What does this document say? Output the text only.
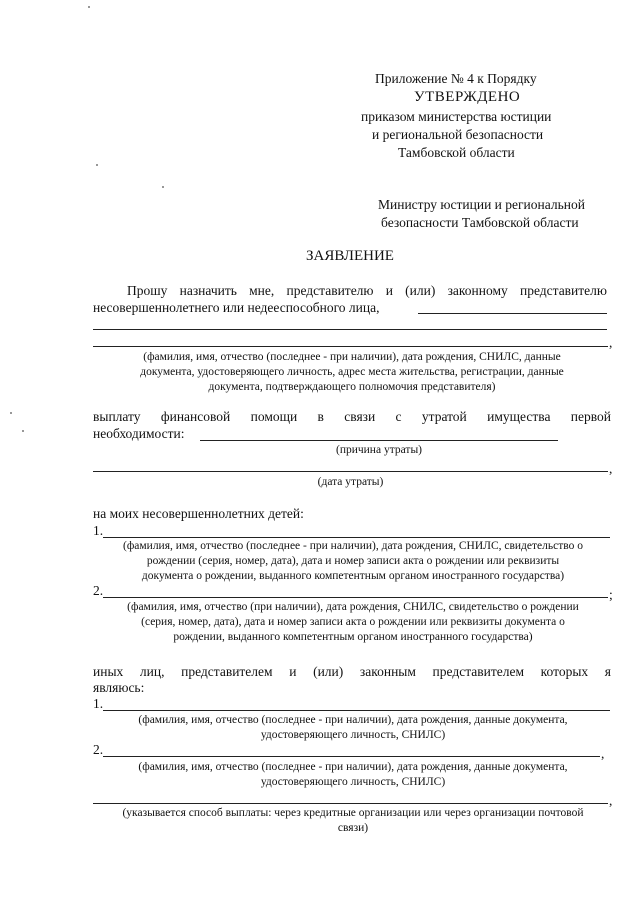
Приложение № 4 к Порядку
УТВЕРЖДЕНО
приказом министерства юстиции
и региональной безопасности
Тамбовской области
Министру юстиции и региональной
безопасности Тамбовской области
ЗАЯВЛЕНИЕ
Прошу назначить мне, представителю и (или) законному представителю
несовершеннолетнего или недееспособного лица,
,
(фамилия, имя, отчество (последнее - при наличии), дата рождения, СНИЛС, данные
документа, удостоверяющего личность, адрес места жительства, регистрации, данные
документа, подтверждающего полномочия представителя)
выплату финансовой помощи в связи с утратой имущества первой
необходимости:
(причина утраты)
,
(дата утраты)
на моих несовершеннолетних детей:
1.
(фамилия, имя, отчество (последнее - при наличии), дата рождения, СНИЛС, свидетельство о
рождении (серия, номер, дата), дата и номер записи акта о рождении или реквизиты
документа о рождении, выданного компетентным органом иностранного государства)
2.	;
(фамилия, имя, отчество (при наличии), дата рождения, СНИЛС, свидетельство о рождении
(серия, номер, дата), дата и номер записи акта о рождении или реквизиты документа о
рождении, выданного компетентным органом иностранного государства)
иных лиц, представителем и (или) законным представителем которых я
являюсь:
1.
(фамилия, имя, отчество (последнее - при наличии), дата рождения, данные документа,
удостоверяющего личность, СНИЛС)
2.	,
(фамилия, имя, отчество (последнее - при наличии), дата рождения, данные документа,
удостоверяющего личность, СНИЛС)
,
(указывается способ выплаты: через кредитные организации или через организации почтовой
связи)
